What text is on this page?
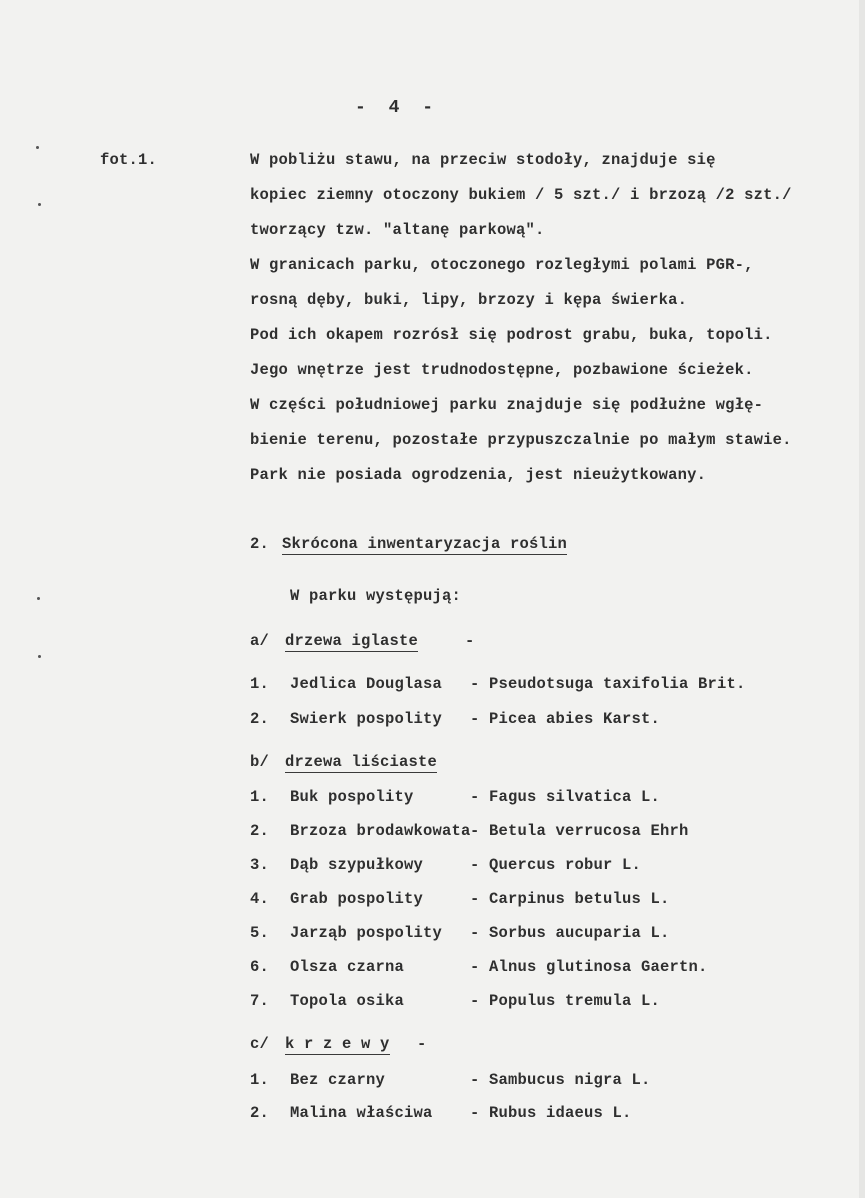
- 4 -
fot.1.	W pobliżu stawu, na przeciw stodoły, znajduje się
kopiec ziemny otoczony bukiem / 5 szt./ i brzozą /2 szt./
tworzący tzw. "altanę parkową".
W granicach parku, otoczonego rozległymi polami PGR-,
rosną dęby, buki, lipy, brzozy i kępa świerka.
Pod ich okapem rozrósł się podrost grabu, buka, topoli.
Jego wnętrze jest trudnodostępne, pozbawione ścieżek.
W części południowej parku znajduje się podłużne wgłę-
bienie terenu, pozostałe przypuszczalnie po małym stawie.
Park nie posiada ogrodzenia, jest nieużytkowany.
2. Skrócona inwentaryzacja roślin
W parku występują:
a/ drzewa iglaste	-
1. Jedlica Douglasa - Pseudotsuga taxifolia Brit.
2. Swierk pospolity - Picea abies Karst.
b/ drzewa liściaste
1. Buk pospolity	- Fagus silvatica L.
2. Brzoza brodawkowata - Betula verrucosa Ehrh
3. Dąb szypułkowy	- Quercus robur L.
4. Grab pospolity	- Carpinus betulus L.
5. Jarząb pospolity - Sorbus aucuparia L.
6. Olsza czarna	- Alnus glutinosa Gaertn.
7. Topola osika	- Populus tremula L.
c/ k r z e w y -
1. Bez czarny	- Sambucus nigra L.
2. Malina właściwa - Rubus idaeus L.
